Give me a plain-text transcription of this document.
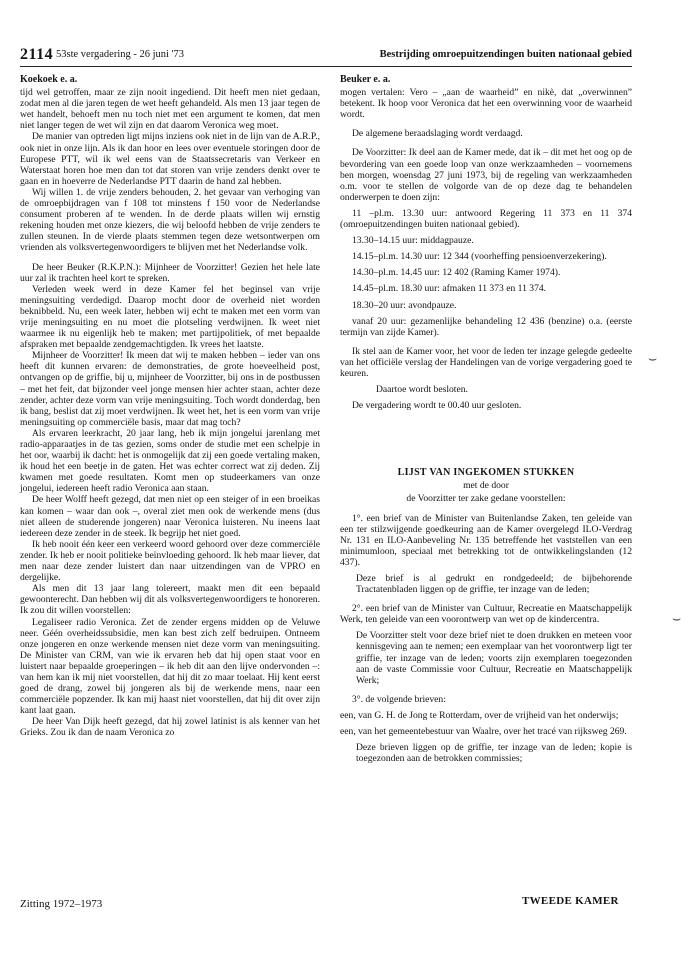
2114 53ste vergadering - 26 juni '73	Bestrijding omroepuitzendingen buiten nationaal gebied
Koekoek e. a.

tijd wel getroffen, maar ze zijn nooit ingediend. Dit heeft men niet gedaan, zodat men al die jaren tegen de wet heeft gehandeld. Als men 13 jaar tegen de wet handelt, behoeft men nu toch niet met een argument te komen, dat men niet langer tegen de wet wil zijn en dat daarom Veronica weg moet.

De manier van optreden ligt mijns inziens ook niet in de lijn van de A.R.P., ook niet in onze lijn. Als ik dan hoor en lees over eventuele storingen door de Europese PTT, wil ik wel eens van de Staatssecretaris van Verkeer en Waterstaat horen hoe men dan tot dat storen van vrije zenders denkt over te gaan en in hoeverre de Nederlandse PTT daarin de hand zal hebben.

Wij willen 1. de vrije zenders behouden, 2. het gevaar van verhoging van de omroepbijdragen van f 108 tot minstens f 150 voor de Nederlandse consument proberen af te wenden. In de derde plaats willen wij ernstig rekening houden met onze kiezers, die wij beloofd hebben de vrije zenders te zullen steunen. In de vierde plaats stemmen tegen deze wetsontwerpen om vrienden als volksvertegenwoordigers te blijven met het Nederlandse volk.

De heer Beuker (R.K.P.N.): Mijnheer de Voorzitter! Gezien het hele late uur zal ik trachten heel kort te spreken.

Verleden week werd in deze Kamer fel het beginsel van vrije meningsuiting verdedigd. Daarop mocht door de overheid niet worden beknibbeld. Nu, een week later, hebben wij echt te maken met een vorm van vrije meningsuiting en nu moet die plotseling verdwijnen. Ik weet niet waarmee ik nu eigenlijk heb te maken; met partijpolitiek, of met bepaalde afspraken met bepaalde zendgemachtigden. Ik vrees het laatste.

Mijnheer de Voorzitter! Ik meen dat wij te maken hebben – ieder van ons heeft dit kunnen ervaren: de demonstraties, de grote hoeveelheid post, ontvangen op de griffie, bij u, mijnheer de Voorzitter, bij ons in de postbussen – met het feit, dat bijzonder veel jonge mensen hier achter staan, achter deze zender, achter deze vorm van vrije meningsuiting. Toch wordt donderdag, ben ik bang, beslist dat zij moet verdwijnen. Ik weet het, het is een vorm van vrije meningsuiting op commerciële basis, maar dat mag toch?

Als ervaren leerkracht, 20 jaar lang, heb ik mijn jongelui jarenlang met radio-apparaatjes in de tas gezien, soms onder de studie met een schelpje in het oor, waarbij ik dacht: het is onmogelijk dat zij een goede vertaling maken, ik houd het een beetje in de gaten. Het was echter correct wat zij deden. Zij kwamen met goede resultaten. Komt men op studeerkamers van onze jongelui, iedereen heeft radio Veronica aan staan.

De heer Wolff heeft gezegd, dat men niet op een steiger of in een broeikas kan komen – waar dan ook –, overal ziet men ook de werkende mens (dus niet alleen de studerende jongeren) naar Veronica luisteren. Nu ineens laat iedereen deze zender in de steek. Ik begrijp het niet goed.

Ik heb nooit één keer een verkeerd woord gehoord over deze commerciële zender. Ik heb er nooit politieke beïnvloeding gehoord. Ik heb maar liever, dat men naar deze zender luistert dan naar uitzendingen van de VPRO en dergelijke.

Als men dit 13 jaar lang tolereert, maakt men dit een bepaald gewoonterecht. Dan hebben wij dit als volksvertegenwoordigers te honoreren. Ik zou dit willen voorstellen:

Legaliseer radio Veronica. Zet de zender ergens midden op de Veluwe neer. Géén overheidssubsidie, men kan best zich zelf bedruipen. Ontneem onze jongeren en onze werkende mensen niet deze vorm van meningsuiting. De Minister van CRM, van wie ik ervaren heb dat hij open staat voor en luistert naar bepaalde groeperingen – ik heb dit aan den lijve ondervonden –: van hem kan ik mij niet voorstellen, dat hij dit zo maar toelaat. Hij kent eerst goed de drang, zowel bij jongeren als bij de werkende mens, naar een commerciële popzender. Ik kan mij haast niet voorstellen, dat hij dit over zijn kant laat gaan.

De heer Van Dijk heeft gezegd, dat hij zowel latinist is als kenner van het Grieks. Zou ik dan de naam Veronica zo

Beuker e. a.

mogen vertalen: Vero – „aan de waarheid” en nikè, dat „overwinnen” betekent. Ik hoop voor Veronica dat het een overwinning voor de waarheid wordt.

De algemene beraadslaging wordt verdaagd.

De Voorzitter: Ik deel aan de Kamer mede, dat ik – dit met het oog op de bevordering van een goede loop van onze werkzaamheden – voornemens ben morgen, woensdag 27 juni 1973, bij de regeling van werkzaamheden o.m. voor te stellen de volgorde van de op deze dag te behandelen onderwerpen te doen zijn:

11 –pl.m. 13.30 uur: antwoord Regering 11 373 en 11 374 (omroepuitzendingen buiten nationaal gebied).

13.30–14.15 uur: middagpauze.

14.15–pl.m. 14.30 uur: 12 344 (voorheffing pensioenverzekering).

14.30–pl.m. 14.45 uur: 12 402 (Raming Kamer 1974).

14.45–pl.m. 18.30 uur: afmaken 11 373 en 11 374.

18.30–20 uur: avondpauze.

vanaf 20 uur: gezamenlijke behandeling 12 436 (benzine) o.a. (eerste termijn van zijde Kamer).

Ik stel aan de Kamer voor, het voor de leden ter inzage gelegde gedeelte van het officiële verslag der Handelingen van de vorige vergadering goed te keuren.

Daartoe wordt besloten.

De vergadering wordt te 00.40 uur gesloten.

LIJST VAN INGEKOMEN STUKKEN
met de door
de Voorzitter ter zake gedane voorstellen:

1°. een brief van de Minister van Buitenlandse Zaken, ten geleide van een ter stilzwijgende goedkeuring aan de Kamer overgelegd ILO-Verdrag Nr. 131 en ILO-Aanbeveling Nr. 135 betreffende het vaststellen van een minimumloon, speciaal met betrekking tot de ontwikkelingslanden (12 437).

Deze brief is al gedrukt en rondgedeeld; de bijbehorende Tractatenbladen liggen op de griffie, ter inzage van de leden;

2°. een brief van de Minister van Cultuur, Recreatie en Maatschappelijk Werk, ten geleide van een voorontwerp van wet op de kindercentra.

De Voorzitter stelt voor deze brief niet te doen drukken en meteen voor kennisgeving aan te nemen; een exemplaar van het voorontwerp ligt ter griffie, ter inzage van de leden; voorts zijn exemplaren toegezonden aan de vaste Commissie voor Cultuur, Recreatie en Maatschappelijk Werk;

3°. de volgende brieven:

een, van G. H. de Jong te Rotterdam, over de vrijheid van het onderwijs;

een, van het gemeentebestuur van Waalre, over het tracé van rijksweg 269.

Deze brieven liggen op de griffie, ter inzage van de leden; kopie is toegezonden aan de betrokken commissies;

⌣
⌣
Zitting 1972–1973	TWEEDE KAMER
